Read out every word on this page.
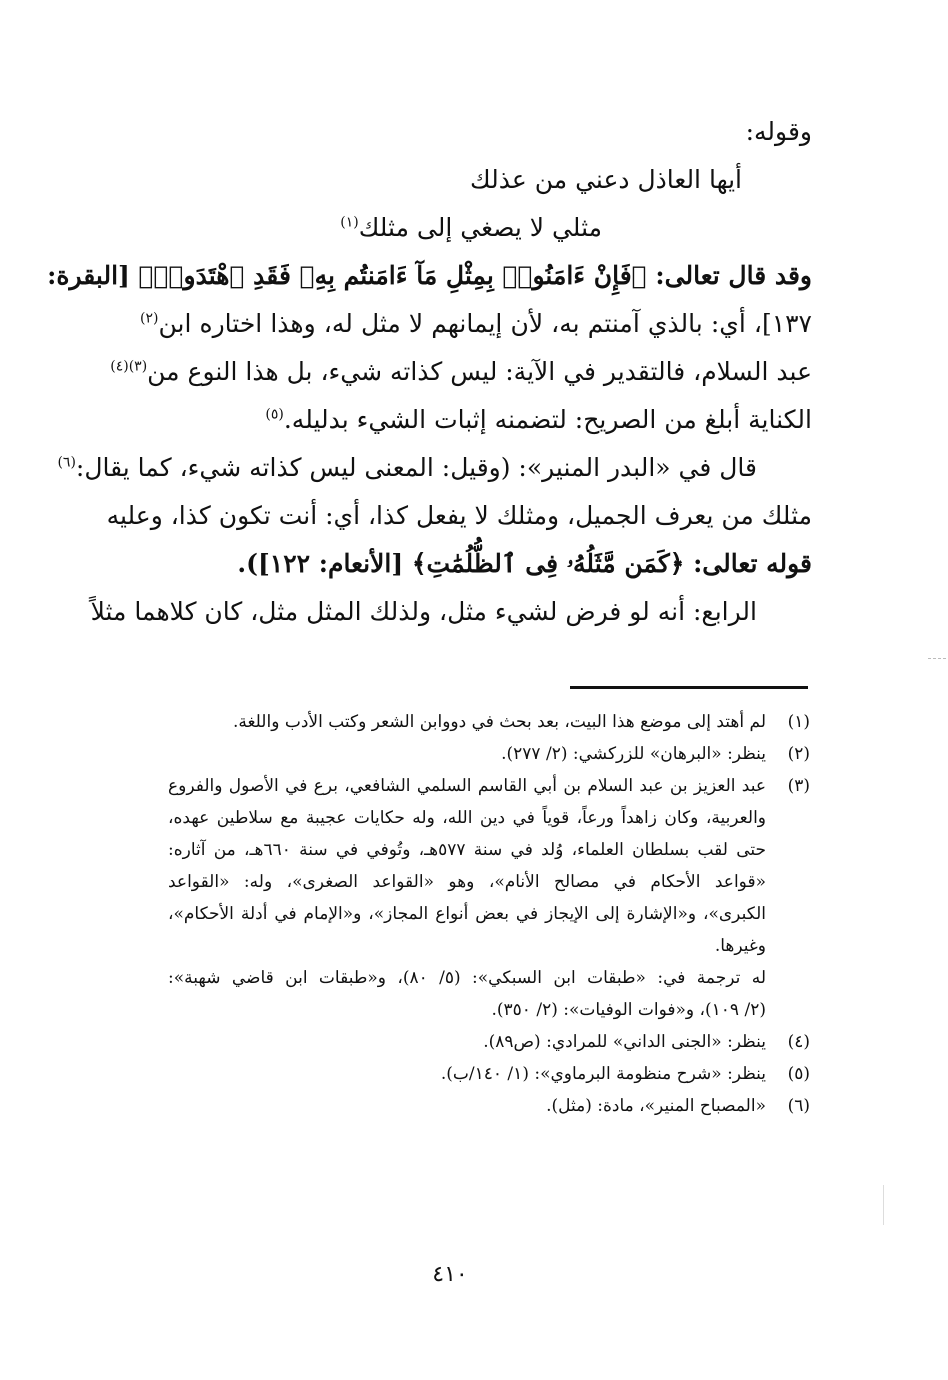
وقوله:
أيها العاذل دعني من عذلك
مثلي لا يصغي إلى مثلك$^{(١)}$
وقد قال تعالى: ﴿فَإِنْ ءَامَنُوا۟ بِمِثْلِ مَآ ءَامَنتُم بِهِۦ فَقَدِ ٱهْتَدَوا۟﴾ [البقرة:
١٣٧]، أي: بالذي آمنتم به، لأن إيمانهم لا مثل له، وهذا اختاره ابن$^{(٢)}$
عبد السلام، فالتقدير في الآية: ليس كذاته شيء، بل هذا النوع من$^{(٣)(٤)}$
الكناية أبلغ من الصريح: لتضمنه إثبات الشيء بدليله.$^{(٥)}$
قال في «البدر المنير»: (وقيل: المعنى ليس كذاته شيء، كما يقال:$^{(٦)}$
مثلك من يعرف الجميل، ومثلك لا يفعل كذا، أي: أنت تكون كذا، وعليه
قوله تعالى: ﴿كَمَن مَّثَلُهُۥ فِى ٱلظُّلُمَٰتِ﴾ [الأنعام: ١٢٢]).
الرابع: أنه لو فرض لشيء مثل، ولذلك المثل مثل، كان كلاهما مثلاً
(١)
لم أهتد إلى موضع هذا البيت، بعد بحث في دووابن الشعر وكتب الأدب واللغة.
(٢)
ينظر: «البرهان» للزركشي: (٢/ ٢٧٧).
(٣)
عبد العزيز بن عبد السلام بن أبي القاسم السلمي الشافعي، برع في الأصول والفروع
والعربية، وكان زاهداً ورعاً، قوياً في دين الله، وله حكايات عجيبة مع سلاطين عهده،
حتى لقب بسلطان العلماء، وُلد في سنة ٥٧٧هـ، وتُوفي في سنة ٦٦٠هـ، من آثاره:
«قواعد الأحكام في مصالح الأنام»، وهو «القواعد الصغرى»، وله: «القواعد
الكبرى»، و«الإشارة إلى الإيجاز في بعض أنواع المجاز»، و«الإمام في أدلة الأحكام»،
وغيرها.
له ترجمة في: «طبقات ابن السبكي»: (٥/ ٨٠)، و«طبقات ابن قاضي شهبة»:
(٢/ ١٠٩)، و«فوات الوفيات»: (٢/ ٣٥٠).
(٤)
ينظر: «الجنى الداني» للمرادي: (ص٨٩).
(٥)
ينظر: «شرح منظومة البرماوي»: (١/ ١٤٠/ب).
(٦)
«المصباح المنير»، مادة: (مثل).
٤١٠
